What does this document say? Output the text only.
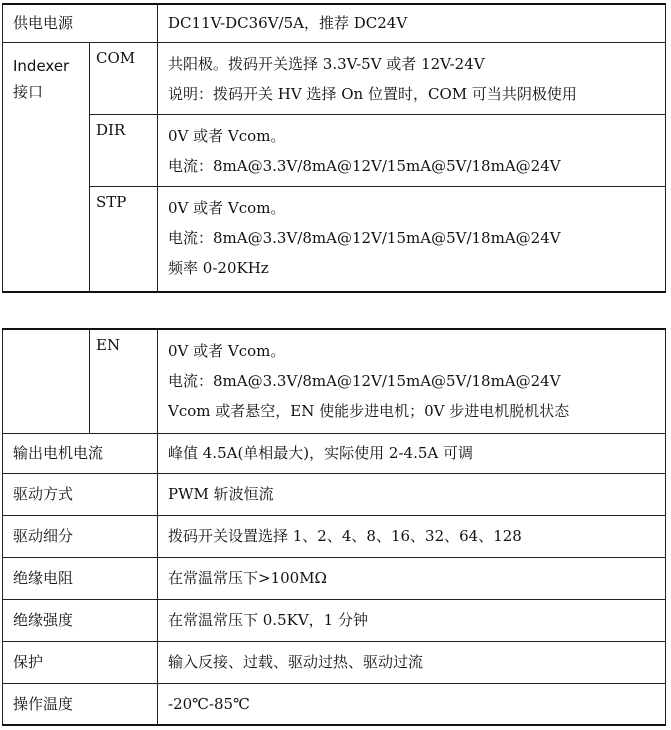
供电电源		DC11V-DC36V/5A，推荐 DC24V

Indexer
接口	COM	共阳极。拨码开关选择 3.3V-5V 或者 12V-24V
说明：拨码开关 HV 选择 On 位置时，COM 可当共阴极使用

	DIR	0V 或者 Vcom。
电流：8mA@3.3V/8mA@12V/15mA@5V/18mA@24V

	STP	0V 或者 Vcom。
电流：8mA@3.3V/8mA@12V/15mA@5V/18mA@24V
频率 0-20KHz
	EN	0V 或者 Vcom。
电流：8mA@3.3V/8mA@12V/15mA@5V/18mA@24V
Vcom 或者悬空，EN 使能步进电机；0V 步进电机脱机状态

输出电机电流		峰值 4.5A(单相最大)，实际使用 2-4.5A 可调
驱动方式		PWM 斩波恒流
驱动细分		拨码开关设置选择 1、2、4、8、16、32、64、128
绝缘电阻		在常温常压下>100MΩ
绝缘强度		在常温常压下 0.5KV，1 分钟
保护		输入反接、过载、驱动过热、驱动过流
操作温度		-20℃-85℃
